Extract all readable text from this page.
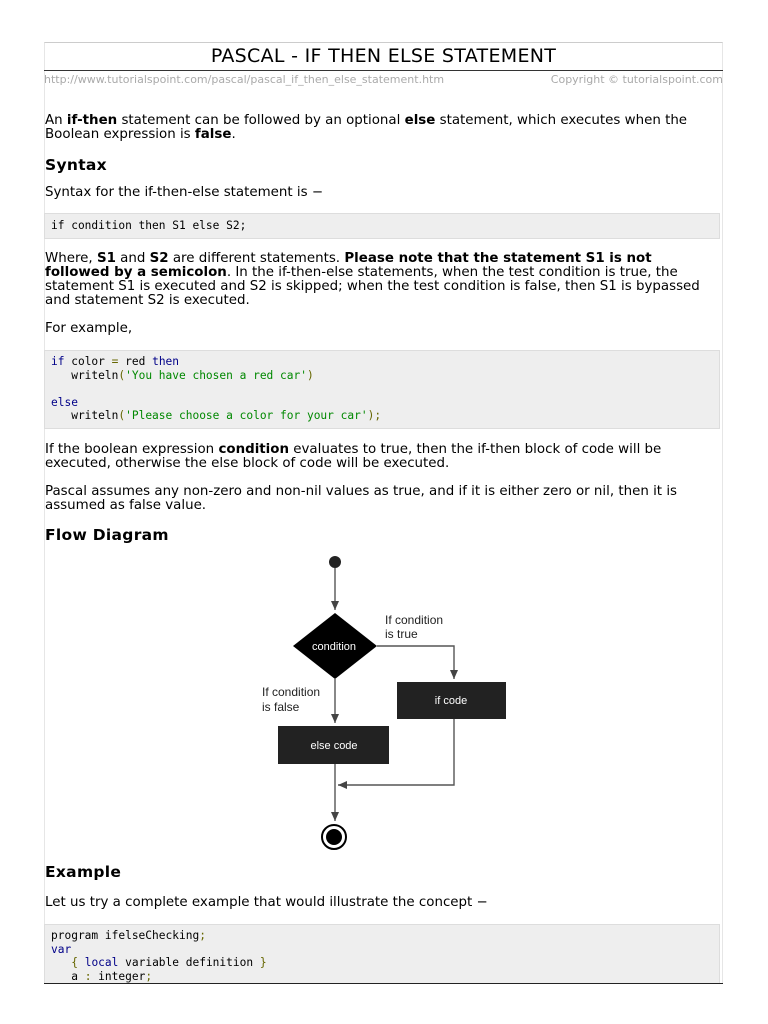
PASCAL - IF THEN ELSE STATEMENT
http://www.tutorialspoint.com/pascal/pascal_if_then_else_statement.htm	Copyright © tutorialspoint.com
An if-then statement can be followed by an optional else statement, which executes when the Boolean expression is false.
Syntax
Syntax for the if-then-else statement is −
if condition then S1 else S2;
Where, S1 and S2 are different statements. Please note that the statement S1 is not followed by a semicolon. In the if-then-else statements, when the test condition is true, the statement S1 is executed and S2 is skipped; when the test condition is false, then S1 is bypassed and statement S2 is executed.
For example,
if color = red then
writeln('You have chosen a red car')
else
writeln('Please choose a color for your car');
If the boolean expression condition evaluates to true, then the if-then block of code will be executed, otherwise the else block of code will be executed.
Pascal assumes any non-zero and non-nil values as true, and if it is either zero or nil, then it is assumed as false value.
Flow Diagram
condition
If condition
is true
if code
If condition
is false
else code
Example
Let us try a complete example that would illustrate the concept −
program ifelseChecking;
var
{ local variable definition }
a : integer;
